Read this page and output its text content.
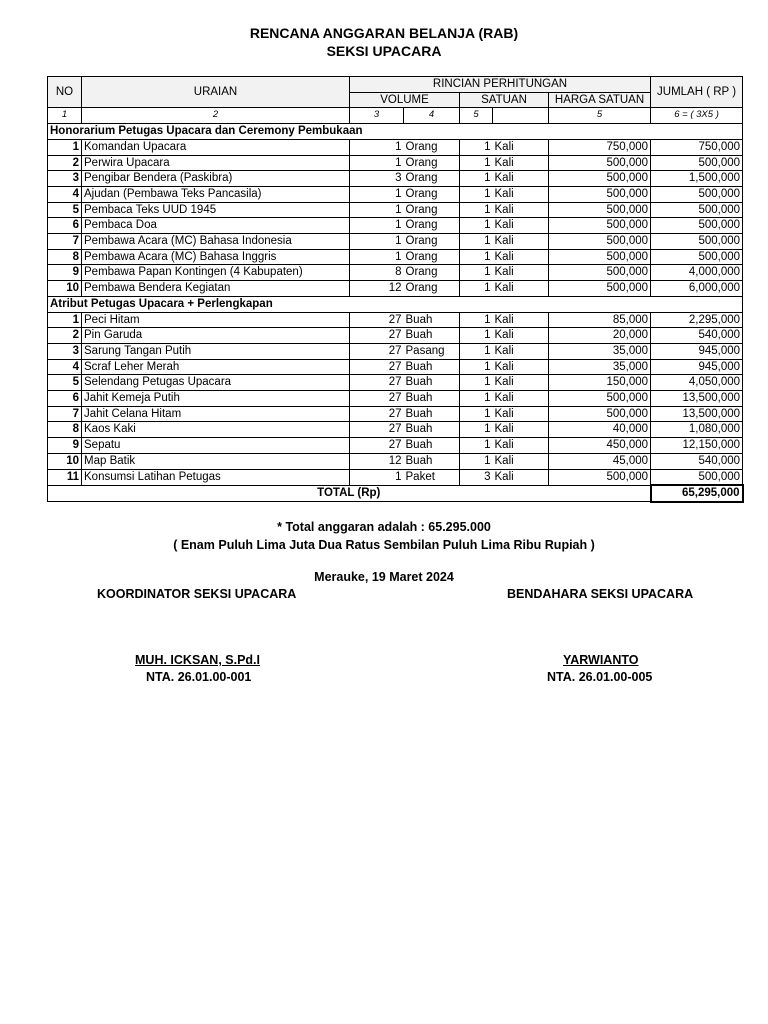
RENCANA ANGGARAN BELANJA (RAB)
SEKSI UPACARA
NO	URAIAN	RINCIAN PERHITUNGAN					JUMLAH ( RP )
		VOLUME		SATUAN		HARGA SATUAN	
1	2	3	4	5		5	6 = ( 3X5 )
Honorarium Petugas Upacara dan Ceremony Pembukaan							
1	Komandan Upacara	1	Orang	1	Kali	750,000	750,000
2	Perwira Upacara	1	Orang	1	Kali	500,000	500,000
3	Pengibar Bendera (Paskibra)	3	Orang	1	Kali	500,000	1,500,000
4	Ajudan (Pembawa Teks Pancasila)	1	Orang	1	Kali	500,000	500,000
5	Pembaca Teks UUD 1945	1	Orang	1	Kali	500,000	500,000
6	Pembaca Doa	1	Orang	1	Kali	500,000	500,000
7	Pembawa Acara (MC) Bahasa Indonesia	1	Orang	1	Kali	500,000	500,000
8	Pembawa Acara (MC) Bahasa Inggris	1	Orang	1	Kali	500,000	500,000
9	Pembawa Papan Kontingen (4 Kabupaten)	8	Orang	1	Kali	500,000	4,000,000
10	Pembawa Bendera Kegiatan	12	Orang	1	Kali	500,000	6,000,000
Atribut Petugas Upacara + Perlengkapan							
1	Peci Hitam	27	Buah	1	Kali	85,000	2,295,000
2	Pin Garuda	27	Buah	1	Kali	20,000	540,000
3	Sarung Tangan Putih	27	Pasang	1	Kali	35,000	945,000
4	Scraf Leher Merah	27	Buah	1	Kali	35,000	945,000
5	Selendang Petugas Upacara	27	Buah	1	Kali	150,000	4,050,000
6	Jahit Kemeja Putih	27	Buah	1	Kali	500,000	13,500,000
7	Jahit Celana Hitam	27	Buah	1	Kali	500,000	13,500,000
8	Kaos Kaki	27	Buah	1	Kali	40,000	1,080,000
9	Sepatu	27	Buah	1	Kali	450,000	12,150,000
10	Map Batik	12	Buah	1	Kali	45,000	540,000
11	Konsumsi Latihan Petugas	1	Paket	3	Kali	500,000	500,000
TOTAL (Rp)							65,295,000
* Total anggaran adalah : 65.295.000
( Enam Puluh Lima Juta Dua Ratus Sembilan Puluh Lima Ribu Rupiah )
Merauke, 19 Maret 2024
KOORDINATOR SEKSI UPACARA	BENDAHARA SEKSI UPACARA
MUH. ICKSAN, S.Pd.I
NTA. 26.01.00-001
YARWIANTO
NTA. 26.01.00-005
